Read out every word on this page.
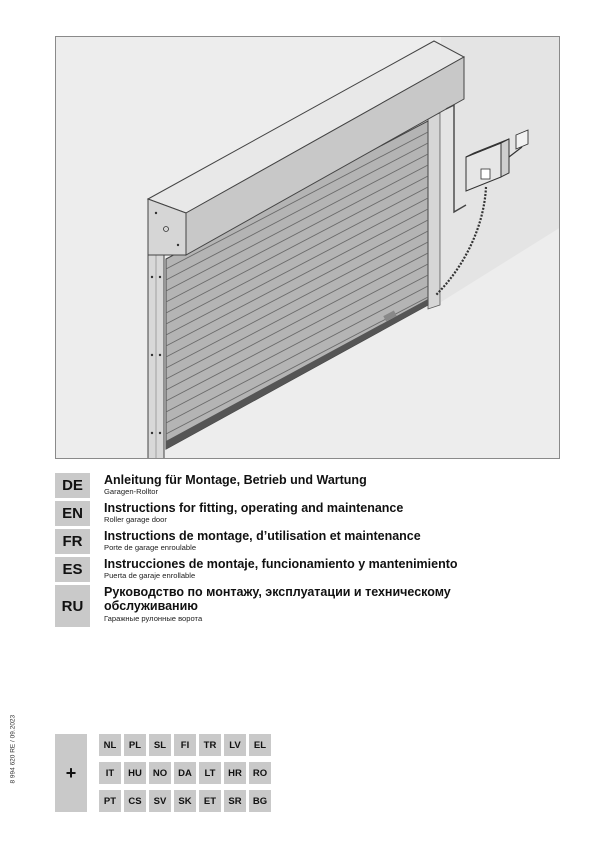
DE	Anleitung für Montage, Betrieb und Wartung
Garagen-Rolltor
EN	Instructions for fitting, operating and maintenance
Roller garage door
FR	Instructions de montage, d’utilisation et maintenance
Porte de garage enroulable
ES	Instrucciones de montaje, funcionamiento y mantenimiento
Puerta de garaje enrollable
RU
Руководство по монтажу, эксплуатации и техническому
обслуживанию
Гаражные рулонные ворота
8 994 620 RE / 09.2023	+
NL	PL	SL	FI	TR	LV	EL
IT	HU	NO	DA	LT	HR	RO
PT	CS	SV	SK	ET	SR	BG
